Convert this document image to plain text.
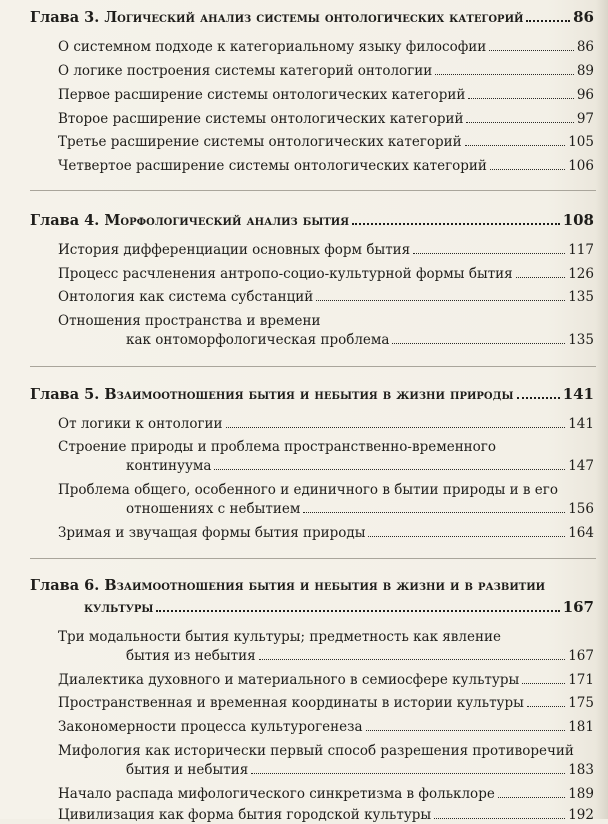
Глава 3. Логический анализ системы онтологических категорий	86
О системном подходе к категориальному языку философии	86
О логике построения системы категорий онтологии	89
Первое расширение системы онтологических категорий	96
Второе расширение системы онтологических категорий	97
Третье расширение системы онтологических категорий	105
Четвертое расширение системы онтологических категорий	106
Глава 4. Морфологический анализ бытия	108
История дифференциации основных форм бытия	117
Процесс расчленения антропо-социо-культурной формы бытия	126
Онтология как система субстанций	135
Отношения пространства и времени
как онтоморфологическая проблема	135
Глава 5. Взаимоотношения бытия и небытия в жизни природы	141
От логики к онтологии	141
Строение природы и проблема пространственно-временного
континуума	147
Проблема общего, особенного и единичного в бытии природы и в его
отношениях с небытием	156
Зримая и звучащая формы бытия природы	164
Глава 6. Взаимоотношения бытия и небытия в жизни и в развитии
культуры	167
Три модальности бытия культуры; предметность как явление
бытия из небытия	167
Диалектика духовного и материального в семиосфере культуры	171
Пространственная и временная координаты в истории культуры	175
Закономерности процесса культурогенеза	181
Мифология как исторически первый способ разрешения противоречий
бытия и небытия	183
Начало распада мифологического синкретизма в фольклоре	189
Цивилизация как форма бытия городской культуры	192
